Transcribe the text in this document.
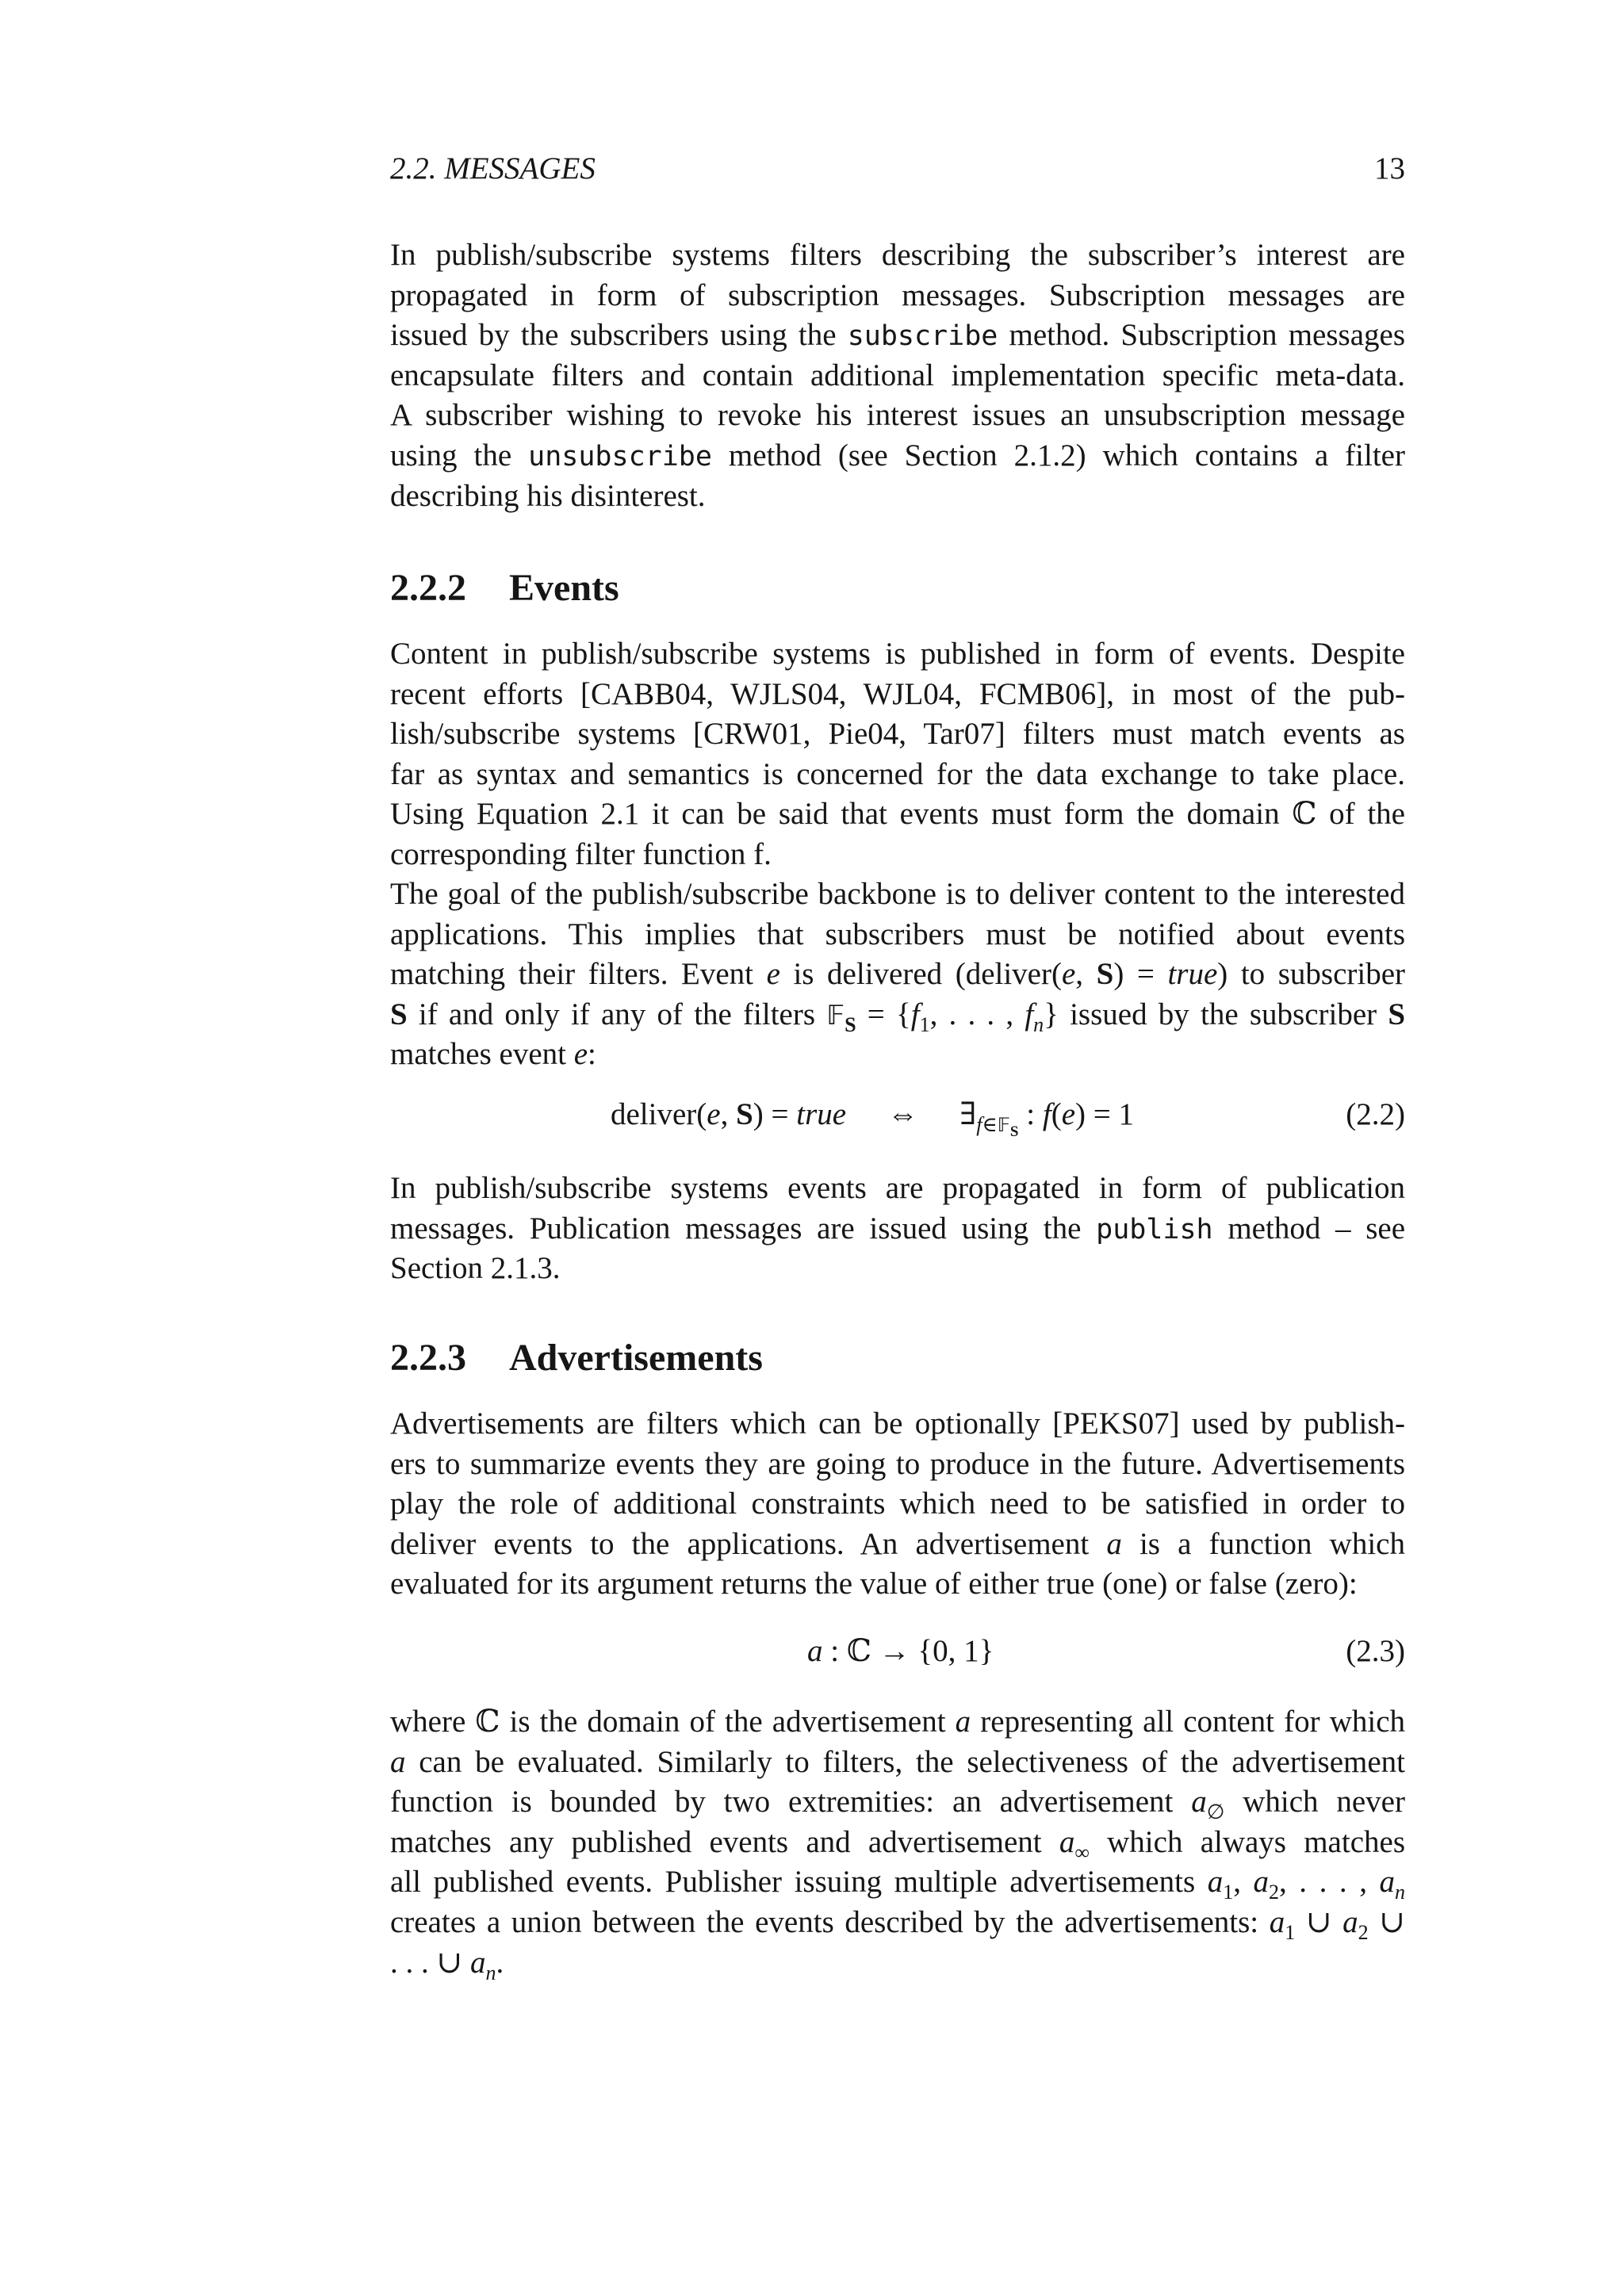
2.2. MESSAGES	13
In publish/subscribe systems filters describing the subscriber’s interest are
propagated in form of subscription messages. Subscription messages are
issued by the subscribers using the subscribe method. Subscription messages
encapsulate filters and contain additional implementation specific meta-data.
A subscriber wishing to revoke his interest issues an unsubscription message
using the unsubscribe method (see Section 2.1.2) which contains a filter
describing his disinterest.
2.2.2 Events
Content in publish/subscribe systems is published in form of events. Despite
recent efforts [CABB04, WJLS04, WJL04, FCMB06], in most of the pub-
lish/subscribe systems [CRW01, Pie04, Tar07] filters must match events as
far as syntax and semantics is concerned for the data exchange to take place.
Using Equation 2.1 it can be said that events must form the domain ℂ of the
corresponding filter function f.
The goal of the publish/subscribe backbone is to deliver content to the interested
applications. This implies that subscribers must be notified about events
matching their filters. Event e is delivered (deliver(e, S) = true) to subscriber
S if and only if any of the filters 𝔽$_S$ = {$f_1$, . . . , $f_n$} issued by the subscriber S
matches event e:
deliver(e, S) = true ⇔ $\exists_{f\in 𝔽_S}$ : f(e) = 1	(2.2)
In publish/subscribe systems events are propagated in form of publication
messages. Publication messages are issued using the publish method – see
Section 2.1.3.
2.2.3 Advertisements
Advertisements are filters which can be optionally [PEKS07] used by publish-
ers to summarize events they are going to produce in the future. Advertisements
play the role of additional constraints which need to be satisfied in order to
deliver events to the applications. An advertisement a is a function which
evaluated for its argument returns the value of either true (one) or false (zero):
a : ℂ → {0, 1}	(2.3)
where ℂ is the domain of the advertisement a representing all content for which
a can be evaluated. Similarly to filters, the selectiveness of the advertisement
function is bounded by two extremities: an advertisement $a_\emptyset$ which never
matches any published events and advertisement $a_\infty$ which always matches
all published events. Publisher issuing multiple advertisements $a_1$, $a_2$, . . . , $a_n$
creates a union between the events described by the advertisements: $a_1$ ∪ $a_2$ ∪
. . . ∪ $a_n$.
